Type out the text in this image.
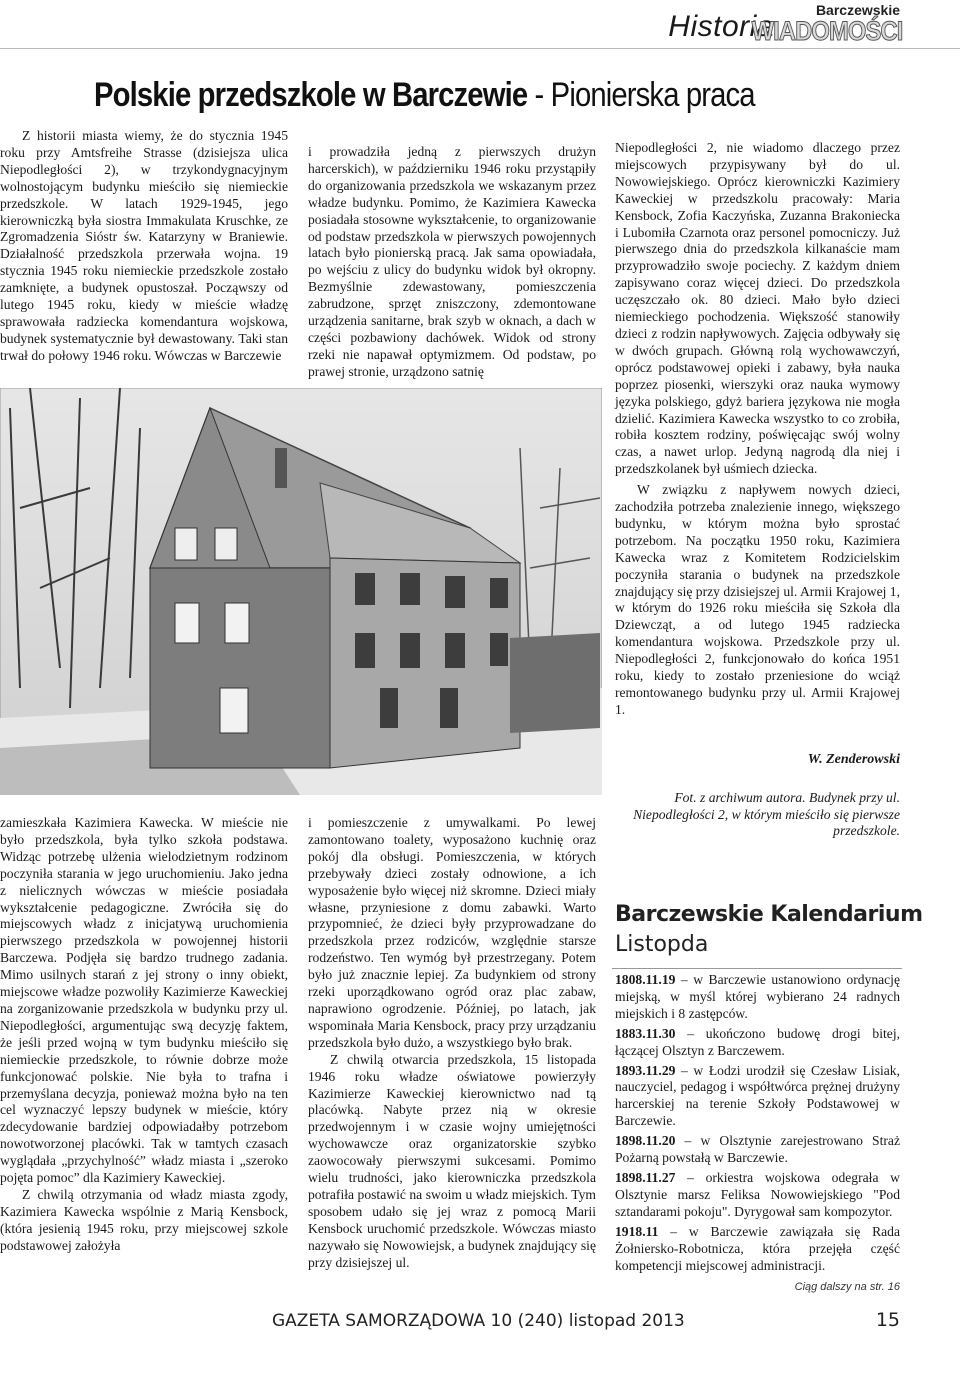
Historia	Barczewskie
WIADOMOŚCI
Polskie przedszkole w Barczewie - Pionierska praca

Z historii miasta wiemy, że do stycznia 1945 roku przy Amtsfreihe Strasse (dzisiejsza ulica Niepodległości 2), w trzykondygnacyjnym wolnostojącym budynku mieściło się niemieckie przedszkole. W latach 1929-1945, jego kierowniczką była siostra Immakulata Kruschke, ze Zgromadzenia Sióstr św. Katarzyny w Braniewie. Działalność przedszkola przerwała wojna. 19 stycznia 1945 roku niemieckie przedszkole zostało zamknięte, a budynek opustoszał. Począwszy od lutego 1945 roku, kiedy w mieście władzę sprawowała radziecka komendantura wojskowa, budynek systematycznie był dewastowany. Taki stan trwał do połowy 1946 roku. Wówczas w Barczewie

i prowadziła jedną z pierwszych drużyn harcerskich), w październiku 1946 roku przystąpiły do organizowania przedszkola we wskazanym przez władze budynku. Pomimo, że Kazimiera Kawecka posiadała stosowne wykształcenie, to organizowanie od podstaw przedszkola w pierwszych powojennych latach było pionierską pracą. Jak sama opowiadała, po wejściu z ulicy do budynku widok był okropny. Bezmyślnie zdewastowany, pomieszczenia zabrudzone, sprzęt zniszczony, zdemontowane urządzenia sanitarne, brak szyb w oknach, a dach w części pozbawiony dachówek. Widok od strony rzeki nie napawał optymizmem. Od podstaw, po prawej stronie, urządzono satnię

Niepodległości 2, nie wiadomo dlaczego przez miejscowych przypisywany był do ul. Nowowiejskiego. Oprócz kierowniczki Kazimiery Kaweckiej w przedszkolu pracowały: Maria Kensbock, Zofia Kaczyńska, Zuzanna Brakoniecka i Lubomiła Czarnota oraz personel pomocniczy. Już pierwszego dnia do przedszkola kilkanaście mam przyprowadziło swoje pociechy. Z każdym dniem zapisywano coraz więcej dzieci. Do przedszkola uczęszczało ok. 80 dzieci. Mało było dzieci niemieckiego pochodzenia. Większość stanowiły dzieci z rodzin napływowych. Zajęcia odbywały się w dwóch grupach. Główną rolą wychowawczyń, oprócz podstawowej opieki i zabawy, była nauka poprzez piosenki, wierszyki oraz nauka wymowy języka polskiego, gdyż bariera językowa nie mogła dzielić. Kazimiera Kawecka wszystko to co zrobiła, robiła kosztem rodziny, poświęcając swój wolny czas, a nawet urlop. Jedyną nagrodą dla niej i przedszkolanek był uśmiech dziecka.

W związku z napływem nowych dzieci, zachodziła potrzeba znalezienie innego, większego budynku, w którym można było sprostać potrzebom. Na początku 1950 roku, Kazimiera Kawecka wraz z Komitetem Rodzicielskim poczyniła starania o budynek na przedszkole znajdujący się przy dzisiejszej ul. Armii Krajowej 1, w którym do 1926 roku mieściła się Szkoła dla Dziewcząt, a od lutego 1945 radziecka komendantura wojskowa. Przedszkole przy ul. Niepodległości 2, funkcjonowało do końca 1951 roku, kiedy to zostało przeniesione do wciąż remontowanego budynku przy ul. Armii Krajowej 1.

W. Zenderowski
Fot. z archiwum autora. Budynek przy ul. Niepodległości 2, w którym mieściło się pierwsze przedszkole.

zamieszkała Kazimiera Kawecka. W mieście nie było przedszkola, była tylko szkoła podstawa. Widząc potrzebę ulżenia wielodzietnym rodzinom poczyniła starania w jego uruchomieniu. Jako jedna z nielicznych wówczas w mieście posiadała wykształcenie pedagogiczne. Zwróciła się do miejscowych władz z inicjatywą uruchomienia pierwszego przedszkola w powojennej historii Barczewa. Podjęła się bardzo trudnego zadania. Mimo usilnych starań z jej strony o inny obiekt, miejscowe władze pozwoliły Kazimierze Kaweckiej na zorganizowanie przedszkola w budynku przy ul. Niepodległości, argumentując swą decyzję faktem, że jeśli przed wojną w tym budynku mieściło się niemieckie przedszkole, to równie dobrze może funkcjonować polskie. Nie była to trafna i przemyślana decyzja, ponieważ można było na ten cel wyznaczyć lepszy budynek w mieście, który zdecydowanie bardziej odpowiadałby potrzebom nowotworzonej placówki. Tak w tamtych czasach wyglądała „przychylność” władz miasta i „szeroko pojęta pomoc” dla Kazimiery Kaweckiej.

Z chwilą otrzymania od władz miasta zgody, Kazimiera Kawecka wspólnie z Marią Kensbock, (która jesienią 1945 roku, przy miejscowej szkole podstawowej założyła

i pomieszczenie z umywalkami. Po lewej zamontowano toalety, wyposażono kuchnię oraz pokój dla obsługi. Pomieszczenia, w których przebywały dzieci zostały odnowione, a ich wyposażenie było więcej niż skromne. Dzieci miały własne, przyniesione z domu zabawki. Warto przypomnieć, że dzieci były przyprowadzane do przedszkola przez rodziców, względnie starsze rodzeństwo. Ten wymóg był przestrzegany. Potem było już znacznie lepiej. Za budynkiem od strony rzeki uporządkowano ogród oraz plac zabaw, naprawiono ogrodzenie. Później, po latach, jak wspominała Maria Kensbock, pracy przy urządzaniu przedszkola było dużo, a wszystkiego było brak.

Z chwilą otwarcia przedszkola, 15 listopada 1946 roku władze oświatowe powierzyły Kazimierze Kaweckiej kierownictwo nad tą placówką. Nabyte przez nią w okresie przedwojennym i w czasie wojny umiejętności wychowawcze oraz organizatorskie szybko zaowocowały pierwszymi sukcesami. Pomimo wielu trudności, jako kierowniczka przedszkola potrafiła postawić na swoim u władz miejskich. Tym sposobem udało się jej wraz z pomocą Marii Kensbock uruchomić przedszkole. Wówczas miasto nazywało się Nowowiejsk, a budynek znajdujący się przy dzisiejszej ul.

Barczewskie Kalendarium
Listopda

1808.11.19 – w Barczewie ustanowiono ordynację miejską, w myśl której wybierano 24 radnych miejskich i 8 zastępców.

1883.11.30 – ukończono budowę drogi bitej, łączącej Olsztyn z Barczewem.

1893.11.29 – w Łodzi urodził się Czesław Lisiak, nauczyciel, pedagog i współtwórca prężnej drużyny harcerskiej na terenie Szkoły Podstawowej w Barczewie.

1898.11.20 – w Olsztynie zarejestrowano Straż Pożarną powstałą w Barczewie.

1898.11.27 – orkiestra wojskowa odegrała w Olsztynie marsz Feliksa Nowowiejskiego "Pod sztandarami pokoju". Dyrygował sam kompozytor.

1918.11 – w Barczewie zawiązała się Rada Żołniersko-Robotnicza, która przejęła część kompetencji miejscowej administracji.

Ciąg dalszy na str. 16
GAZETA SAMORZĄDOWA 10 (240) listopad 2013	15
